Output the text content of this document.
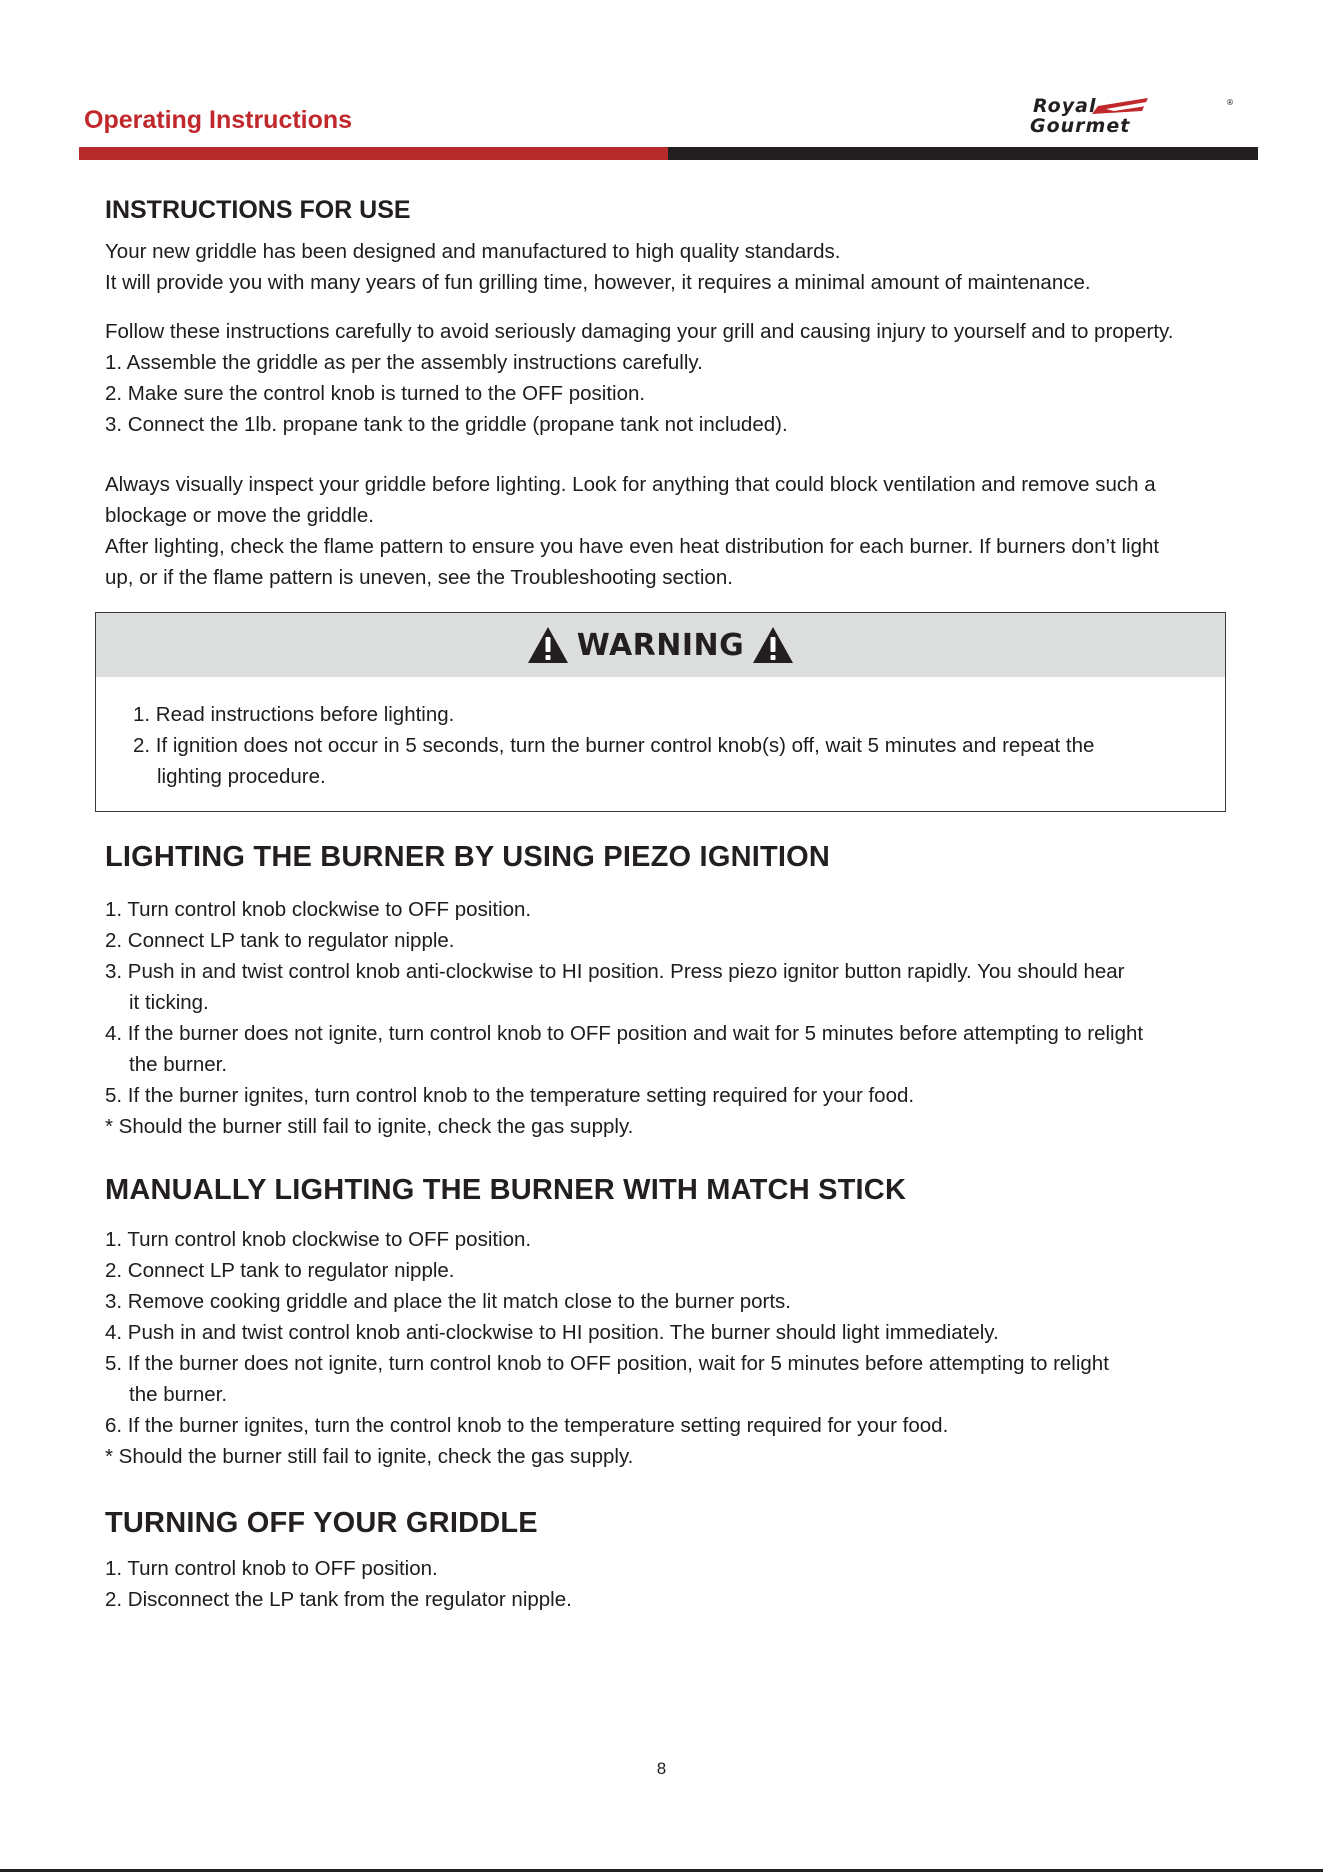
Operating Instructions	Royal
Gourmet
®
INSTRUCTIONS FOR USE
Your new griddle has been designed and manufactured to high quality standards.
It will provide you with many years of fun grilling time, however, it requires a minimal amount of maintenance.
Follow these instructions carefully to avoid seriously damaging your grill and causing injury to yourself and to property.
1. Assemble the griddle as per the assembly instructions carefully.
2. Make sure the control knob is turned to the OFF position.
3. Connect the 1lb. propane tank to the griddle (propane tank not included).
Always visually inspect your griddle before lighting. Look for anything that could block ventilation and remove such a
blockage or move the griddle.
After lighting, check the flame pattern to ensure you have even heat distribution for each burner. If burners don’t light
up, or if the flame pattern is uneven, see the Troubleshooting section.
WARNING
1. Read instructions before lighting.
2. If ignition does not occur in 5 seconds, turn the burner control knob(s) off, wait 5 minutes and repeat the
lighting procedure.
LIGHTING THE BURNER BY USING PIEZO IGNITION
1. Turn control knob clockwise to OFF position.
2. Connect LP tank to regulator nipple.
3. Push in and twist control knob anti-clockwise to HI position. Press piezo ignitor button rapidly. You should hear
it ticking.
4. If the burner does not ignite, turn control knob to OFF position and wait for 5 minutes before attempting to relight
the burner.
5. If the burner ignites, turn control knob to the temperature setting required for your food.
* Should the burner still fail to ignite, check the gas supply.
MANUALLY LIGHTING THE BURNER WITH MATCH STICK
1. Turn control knob clockwise to OFF position.
2. Connect LP tank to regulator nipple.
3. Remove cooking griddle and place the lit match close to the burner ports.
4. Push in and twist control knob anti-clockwise to HI position. The burner should light immediately.
5. If the burner does not ignite, turn control knob to OFF position, wait for 5 minutes before attempting to relight
the burner.
6. If the burner ignites, turn the control knob to the temperature setting required for your food.
* Should the burner still fail to ignite, check the gas supply.
TURNING OFF YOUR GRIDDLE
1. Turn control knob to OFF position.
2. Disconnect the LP tank from the regulator nipple.
8
